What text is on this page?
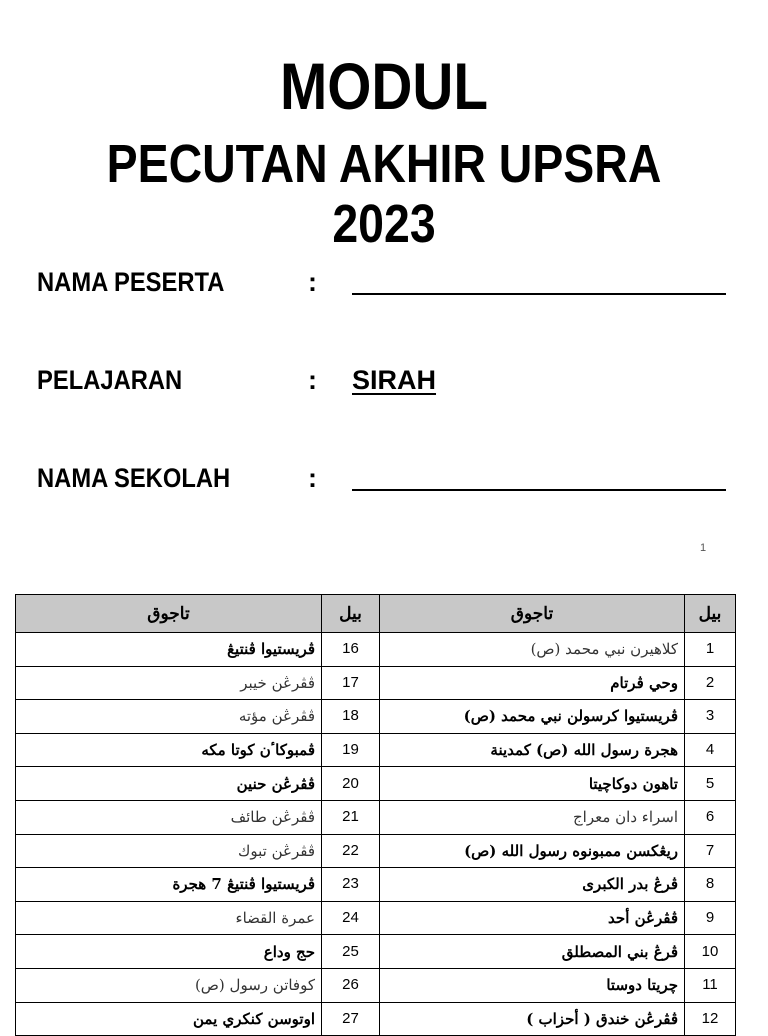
MODUL
PECUTAN AKHIR UPSRA 2023
NAMA PESERTA	:
PELAJARAN	: SIRAH
NAMA SEKOLAH	:
1
تاجوق	بيل	تاجوق	بيل
ڤريستيوا ڤنتيڠ	16	كلاهيرن نبي محمد (ص)	1
ڤڤرڠن خيبر	17	وحي ڤرتام	2
ڤڤرڠن مؤته	18	ڤريستيوا كرسولن نبي محمد (ص)	3
ڤمبوكاٴن كوتا مكه	19	هجرة رسول الله (ص) كمدينة	4
ڤڤرڠن حنين	20	تاهون دوكاچيتا	5
ڤڤرڠن طائف	21	اسراء دان معراج	6
ڤڤرڠن تبوك	22	ريڠکسن ممبونوه رسول الله (ص)	7
ڤريستيوا ڤنتيڠ 7 هجرة	23	ڤرڠ بدر الكبرى	8
عمرة القضاء	24	ڤڤرڠن أحد	9
حج وداع	25	ڤرڠ بني المصطلق	10
كوفاتن رسول (ص)	26	چريتا دوستا	11
اوتوسن كنكري يمن	27	ڤڤرڠن خندق ( أحزاب )	12
